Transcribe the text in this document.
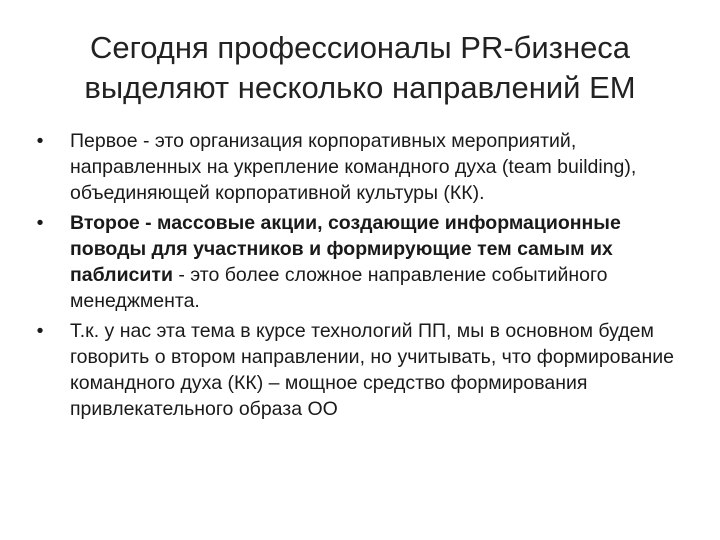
Сегодня профессионалы PR-бизнеса
выделяют несколько направлений ЕМ
•	Первое - это организация корпоративных мероприятий, направленных на укрепление командного духа (team building), объединяющей корпоративной культуры (КК).
•	Второе - массовые акции, создающие информационные поводы для участников и формирующие тем самым их паблисити - это более сложное направление событийного менеджмента.
•	Т.к. у нас эта тема в курсе технологий ПП, мы в основном будем говорить о втором направлении, но учитывать, что формирование командного духа (КК) – мощное средство формирования привлекательного образа ОО
